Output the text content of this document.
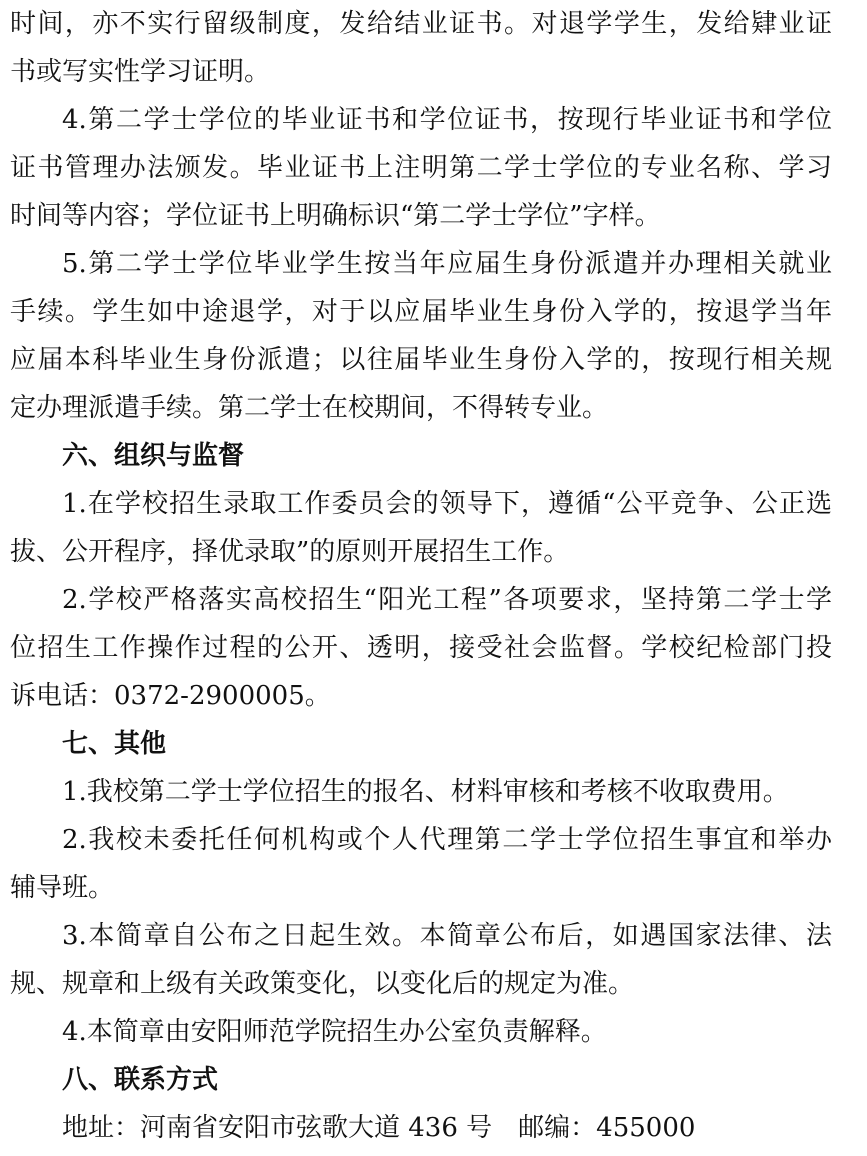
时间，亦不实行留级制度，发给结业证书。对退学学生，发给肄业证
书或写实性学习证明。
4.第二学士学位的毕业证书和学位证书，按现行毕业证书和学位
证书管理办法颁发。毕业证书上注明第二学士学位的专业名称、学习
时间等内容；学位证书上明确标识“第二学士学位”字样。
5.第二学士学位毕业学生按当年应届生身份派遣并办理相关就业
手续。学生如中途退学，对于以应届毕业生身份入学的，按退学当年
应届本科毕业生身份派遣；以往届毕业生身份入学的，按现行相关规
定办理派遣手续。第二学士在校期间，不得转专业。
六、组织与监督
1.在学校招生录取工作委员会的领导下，遵循“公平竞争、公正选
拔、公开程序，择优录取”的原则开展招生工作。
2.学校严格落实高校招生“阳光工程”各项要求，坚持第二学士学
位招生工作操作过程的公开、透明，接受社会监督。学校纪检部门投
诉电话：0372-2900005。
七、其他
1.我校第二学士学位招生的报名、材料审核和考核不收取费用。
2.我校未委托任何机构或个人代理第二学士学位招生事宜和举办
辅导班。
3.本简章自公布之日起生效。本简章公布后，如遇国家法律、法
规、规章和上级有关政策变化，以变化后的规定为准。
4.本简章由安阳师范学院招生办公室负责解释。
八、联系方式
地址：河南省安阳市弦歌大道 436 号　邮编：455000
